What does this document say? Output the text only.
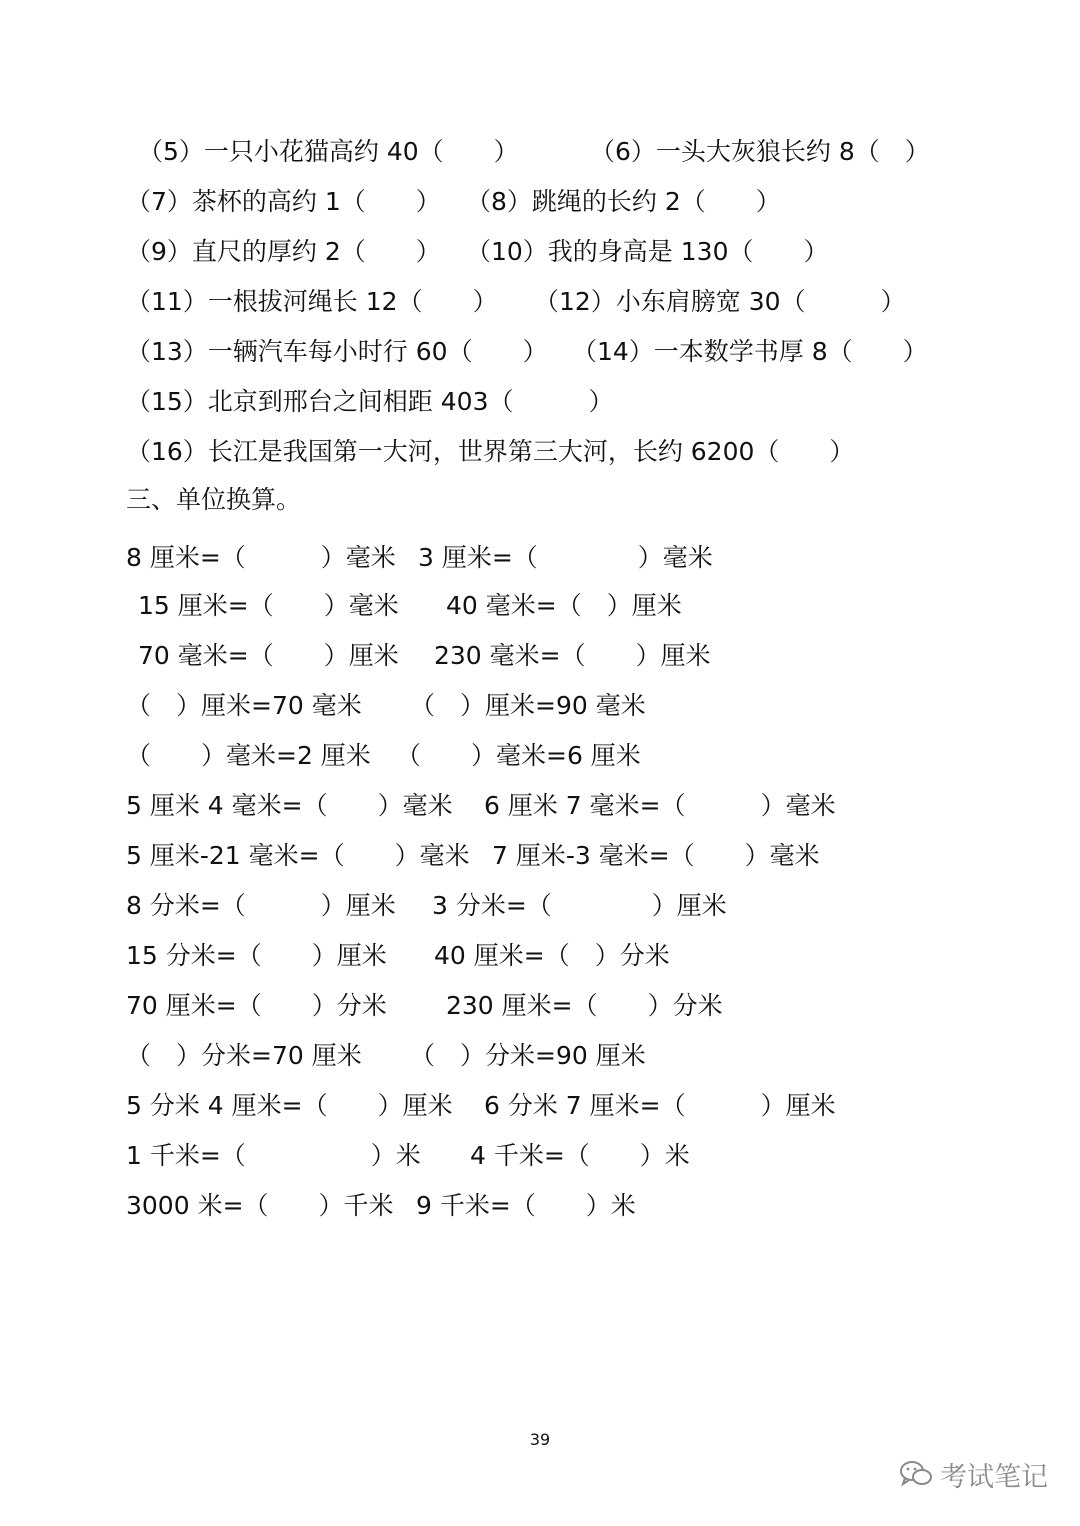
（5）一只小花猫高约 40（　　）	（6）一头大灰狼长约 8（　）
（7）茶杯的高约 1（　　） （8）跳绳的长约 2（　　）
（9）直尺的厚约 2（　　） （10）我的身高是 130（　　）
（11）一根拔河绳长 12（　　） （12）小东肩膀宽 30（　　　）
（13）一辆汽车每小时行 60（　　） （14）一本数学书厚 8（　　）
（15）北京到邢台之间相距 403（　　　）
（16）长江是我国第一大河，世界第三大河，长约 6200（　　）
三、单位换算。
8 厘米=（　　　）毫米 3 厘米=（　　　　）毫米
15 厘米=（　　）毫米 40 毫米=（　）厘米
70 毫米=（　　）厘米 230 毫米=（　　）厘米
（　）厘米=70 毫米 （　）厘米=90 毫米
（　　）毫米=2 厘米 （　　）毫米=6 厘米
5 厘米 4 毫米=（　　）毫米 6 厘米 7 毫米=（　　　）毫米
5 厘米-21 毫米=（　　）毫米 7 厘米-3 毫米=（　　）毫米
8 分米=（　　　）厘米 3 分米=（　　　　）厘米
15 分米=（　　）厘米 40 厘米=（　）分米
70 厘米=（　　）分米 230 厘米=（　　）分米
（　）分米=70 厘米 （　）分米=90 厘米
5 分米 4 厘米=（　　）厘米 6 分米 7 厘米=（　　　）厘米
1 千米=（　　　　　）米 4 千米=（　　）米
3000 米=（　　）千米 9 千米=（　　）米
39
考试笔记
